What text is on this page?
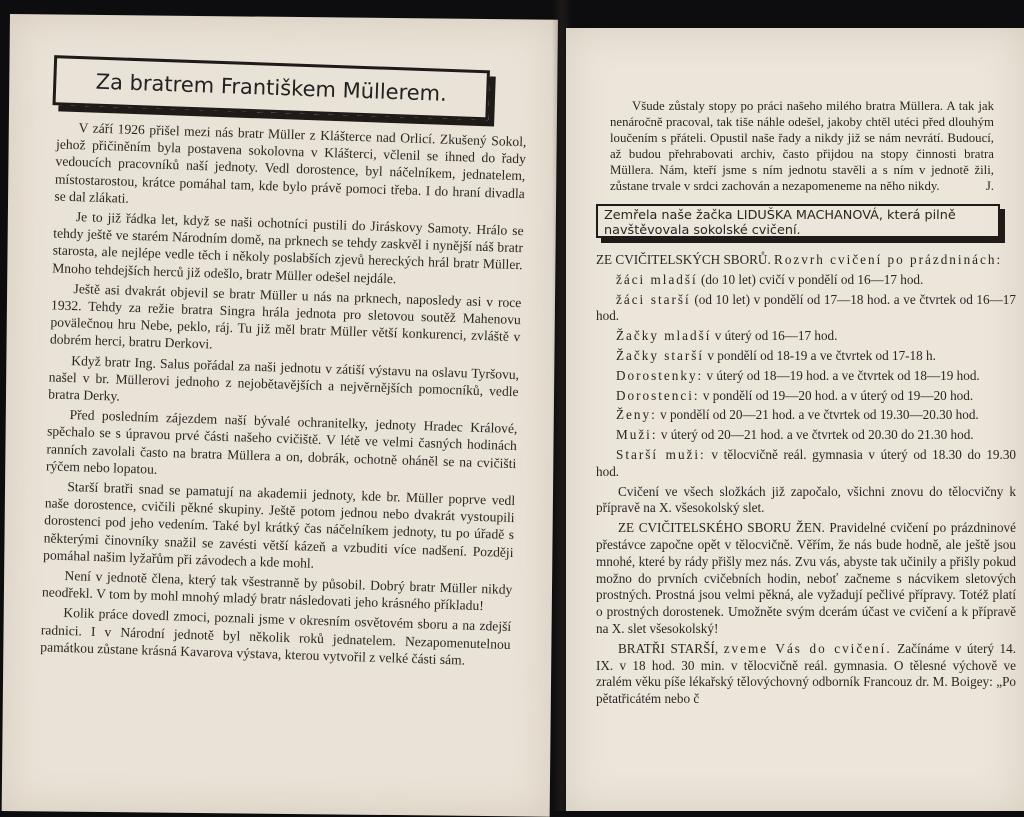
Za bratrem Františkem Müllerem.

V září 1926 přišel mezi nás bratr Müller z Klášterce nad Orlicí. Zkušený Sokol, jehož přičiněním byla postavena sokolovna v Klášterci, včlenil se ihned do řady vedoucích pracovníků naší jednoty. Vedl dorostence, byl náčelníkem, jednatelem, místostarostou, krátce pomáhal tam, kde bylo právě pomoci třeba. I do hraní divadla se dal zlákati.

Je to již řádka let, když se naši ochotníci pustili do Jiráskovy Samoty. Hrálo se tehdy ještě ve starém Národním domě, na prknech se tehdy zaskvěl i nynější náš bratr starosta, ale nejlépe vedle těch i několy poslabších zjevů hereckých hrál bratr Müller. Mnoho tehdejších herců již odešlo, bratr Müller odešel nejdále.

Ještě asi dvakrát objevil se bratr Müller u nás na prknech, naposledy asi v roce 1932. Tehdy za režie bratra Singra hrála jednota pro sletovou soutěž Mahenovu povälečnou hru Nebe, peklo, ráj. Tu již měl bratr Müller větší konkurenci, zvláště v dobrém herci, bratru Derkovi.

Když bratr Ing. Salus pořádal za naši jednotu v zátiší výstavu na oslavu Tyršovu, našel v br. Müllerovi jednoho z nejobětavějších a nejvěrnějších pomocníků, vedle bratra Derky.

Před posledním zájezdem naší bývalé ochranitelky, jednoty Hradec Králové, spěchalo se s úpravou prvé části našeho cvičiště. V létě ve velmi časných hodinách ranních zavolali často na bratra Müllera a on, dobrák, ochotně oháněl se na cvičišti rýčem nebo lopatou.

Starší bratři snad se pamatují na akademii jednoty, kde br. Müller poprve vedl naše dorostence, cvičili pěkné skupiny. Ještě potom jednou nebo dvakrát vystoupili dorostenci pod jeho vedením. Také byl krátký čas náčelníkem jednoty, tu po úřadě s některými činovníky snažil se zavésti větší kázeň a vzbuditi více nadšení. Později pomáhal našim lyžařům při závodech a kde mohl.

Není v jednotě člena, který tak všestranně by působil. Dobrý bratr Müller nikdy neodřekl. V tom by mohl mnohý mladý bratr následovati jeho krásného příkladu!

Kolik práce dovedl zmoci, poznali jsme v okresním osvětovém sboru a na zdejší radnici. I v Národní jednotě byl několik roků jednatelem. Nezapomenutelnou památkou zůstane krásná Kavarova výstava, kterou vytvořil z velké části sám.

Všude zůstaly stopy po práci našeho milého bratra Müllera. A tak jak nenáročně pracoval, tak tiše náhle odešel, jakoby chtěl utéci před dlouhým loučením s přáteli. Opustil naše řady a nikdy již se nám nevrátí. Budoucí, až budou přehrabovati archiv, často přijdou na stopy činnosti bratra Müllera. Nám, kteří jsme s ním jednotu stavěli a s ním v jednotě žili, zůstane trvale v srdci zachován a nezapomeneme na něho nikdy.	J.

Zemřela naše žačka LIDUŠKA MACHANOVÁ, která pilně navštěvovala sokolské cvičení.

ZE CVIČITELSKÝCH SBORŮ. Rozvrh cvičení po prázdninách:

žáci mladší (do 10 let) cvičí v pondělí od 16—17 hod.

žáci starší (od 10 let) v pondělí od 17—18 hod. a ve čtvrtek od 16—17 hod.

Žačky mladší v úterý od 16—17 hod.

Žačky starší v pondělí od 18-19 a ve čtvrtek od 17-18 h.

Dorostenky: v úterý od 18—19 hod. a ve čtvrtek od 18—19 hod.

Dorostenci: v pondělí od 19—20 hod. a v úterý od 19—20 hod.

Ženy: v pondělí od 20—21 hod. a ve čtvrtek od 19.30—20.30 hod.

Muži: v úterý od 20—21 hod. a ve čtvrtek od 20.30 do 21.30 hod.

Starší muži: v tělocvičně reál. gymnasia v úterý od 18.30 do 19.30 hod.

Cvičení ve všech složkách již započalo, všichni znovu do tělocvičny k přípravě na X. všesokolský slet.

ZE CVIČITELSKÉHO SBORU ŽEN. Pravidelné cvičení po prázdninové přestávce započne opět v tělocvičně. Věřím, že nás bude hodně, ale ještě jsou mnohé, které by rády přišly mez nás. Zvu vás, abyste tak učinily a přišly pokud možno do prvních cvičebních hodin, neboť začneme s nácvikem sletových prostných. Prostná jsou velmi pěkná, ale vyžadují pečlivé přípravy. Totéž platí o prostných dorostenek. Umožněte svým dcerám účast ve cvičení a k přípravě na X. slet všesokolský!

BRATŘI STARŠÍ, zveme Vás do cvičení. Začínáme v úterý 14. IX. v 18 hod. 30 min. v tělocvičně reál. gymnasia. O tělesné výchově ve zralém věku píše lékařský tělovýchovný odborník Francouz dr. M. Boigey: „Po pětatřicátém nebo č
